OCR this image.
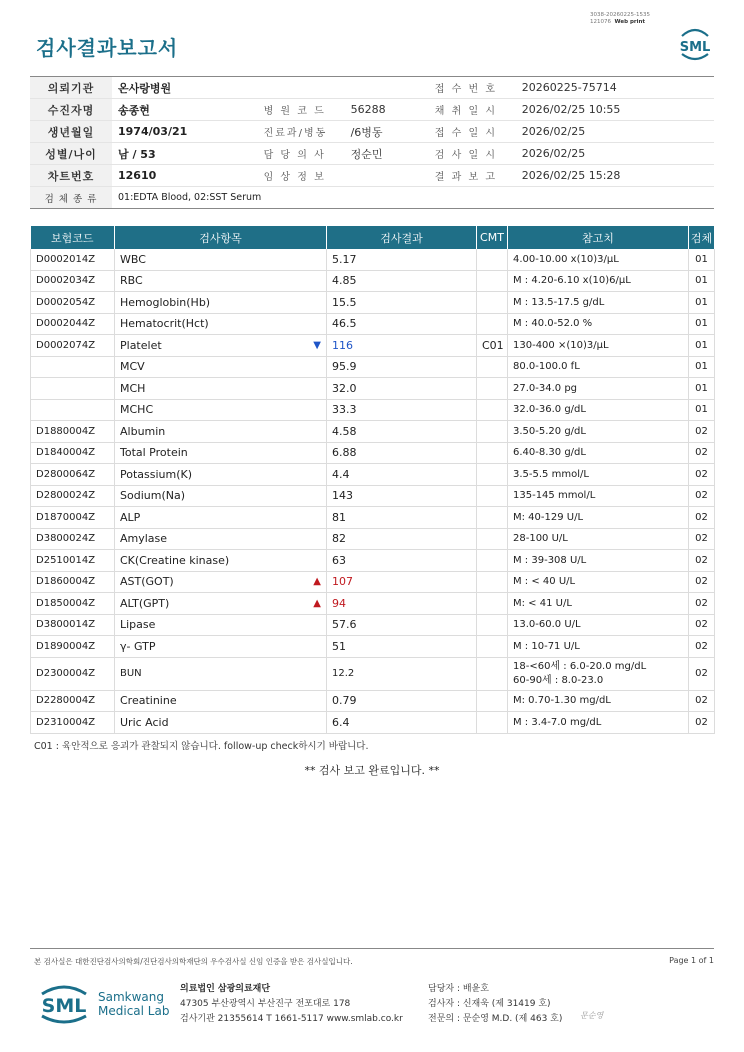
검사결과보고서
3038-20260225-1535
121076 Web print
SML
의뢰기관	온사랑병원			접 수 번 호	20260225-75714
수진자명	송종현	병 원 코 드	56288	채 취 일 시	2026/02/25 10:55
생년월일	1974/03/21	진료과/병동	/6병동	접 수 일 시	2026/02/25
성별/나이	남 / 53	담 당 의 사	정순민	검 사 일 시	2026/02/25
차트번호	12610	임 상 정 보		결 과 보 고	2026/02/25 15:28
검 체 종 류	01:EDTA Blood, 02:SST Serum				
보험코드	검사항목	검사결과	CMT	참고치	검체
D0002014Z	WBC	5.17		4.00-10.00 x(10)3/μL	01
D0002034Z	RBC	4.85		M : 4.20-6.10 x(10)6/μL	01
D0002054Z	Hemoglobin(Hb)	15.5		M : 13.5-17.5 g/dL	01
D0002044Z	Hematocrit(Hct)	46.5		M : 40.0-52.0 %	01
D0002074Z	Platelet ▼	116	C01	130-400 ×(10)3/μL	01

	MCV	95.9		80.0-100.0 fL	01

	MCH	32.0		27.0-34.0 pg	01

	MCHC	33.3		32.0-36.0 g/dL	01
D1880004Z	Albumin	4.58		3.50-5.20 g/dL	02
D1840004Z	Total Protein	6.88		6.40-8.30 g/dL	02
D2800064Z	Potassium(K)	4.4		3.5-5.5 mmol/L	02
D2800024Z	Sodium(Na)	143		135-145 mmol/L	02
D1870004Z	ALP	81		M: 40-129 U/L	02
D3800024Z	Amylase	82		28-100 U/L	02
D2510014Z	CK(Creatine kinase)	63		M : 39-308 U/L	02
D1860004Z	AST(GOT) ▲	107		M : < 40 U/L	02
D1850004Z	ALT(GPT) ▲	94		M: < 41 U/L	02
D3800014Z	Lipase	57.6		13.0-60.0 U/L	02
D1890004Z	γ- GTP	51		M : 10-71 U/L	02
D2300004Z	BUN	12.2		18-<60세 : 6.0-20.0 mg/dL
60-90세 : 8.0-23.0	02
D2280004Z	Creatinine	0.79		M: 0.70-1.30 mg/dL	02
D2310004Z	Uric Acid	6.4		M : 3.4-7.0 mg/dL	02
C01 : 육안적으로 응괴가 관찰되지 않습니다. follow-up check하시기 바랍니다.
** 검사 보고 완료입니다. **
본 검사실은 대한진단검사의학회/진단검사의학재단의 우수검사실 신임 인증을 받은 검사실입니다.	Page 1 of 1
SML Samkwang
Medical Lab
의료법인 삼광의료재단
47305 부산광역시 부산진구 전포대로 178
검사기관 21355614 T 1661-5117 www.smlab.co.kr
담당자 : 배윤호
검사자 : 신재욱 (제 31419 호)
전문의 : 문순영 M.D. (제 463 호) 문순영
